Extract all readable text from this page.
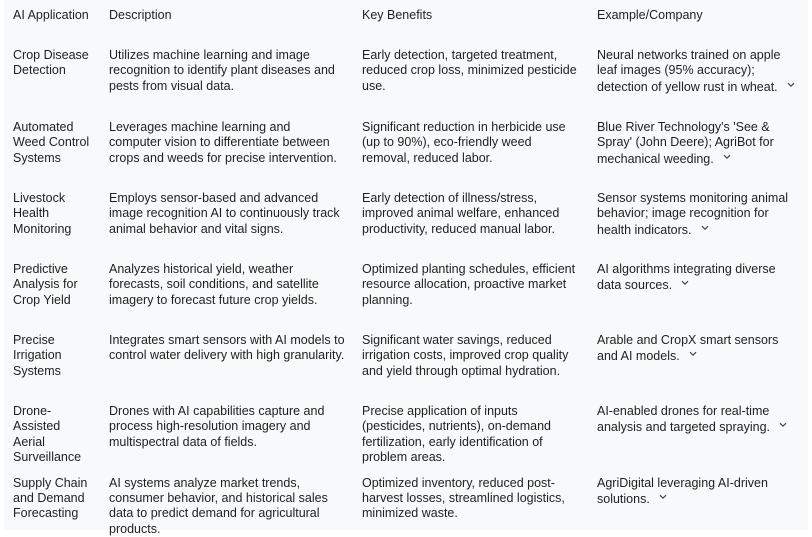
AI Application	Description	Key Benefits	Example/Company
Crop Disease Detection	Utilizes machine learning and image recognition to identify plant diseases and pests from visual data.	Early detection, targeted treatment, reduced crop loss, minimized pesticide use.	Neural networks trained on apple leaf images (95% accuracy); detection of yellow rust in wheat.

Automated Weed Control Systems	Leverages machine learning and computer vision to differentiate between crops and weeds for precise intervention.	Significant reduction in herbicide use (up to 90%), eco-friendly weed removal, reduced labor.	Blue River Technology's 'See & Spray' (John Deere); AgriBot for mechanical weeding.

Livestock Health Monitoring	Employs sensor-based and advanced image recognition AI to continuously track animal behavior and vital signs.	Early detection of illness/stress, improved animal welfare, enhanced productivity, reduced manual labor.	Sensor systems monitoring animal behavior; image recognition for health indicators.

Predictive Analysis for Crop Yield	Analyzes historical yield, weather forecasts, soil conditions, and satellite imagery to forecast future crop yields.	Optimized planting schedules, efficient resource allocation, proactive market planning.	AI algorithms integrating diverse data sources.

Precise Irrigation Systems	Integrates smart sensors with AI models to control water delivery with high granularity.	Significant water savings, reduced irrigation costs, improved crop quality and yield through optimal hydration.	Arable and CropX smart sensors and AI models.

Drone-Assisted Aerial Surveillance	Drones with AI capabilities capture and process high-resolution imagery and multispectral data of fields.	Precise application of inputs (pesticides, nutrients), on-demand fertilization, early identification of problem areas.	AI-enabled drones for real-time analysis and targeted spraying.

Supply Chain and Demand Forecasting	AI systems analyze market trends, consumer behavior, and historical sales data to predict demand for agricultural products.	Optimized inventory, reduced post-harvest losses, streamlined logistics, minimized waste.	AgriDigital leveraging AI-driven solutions.
